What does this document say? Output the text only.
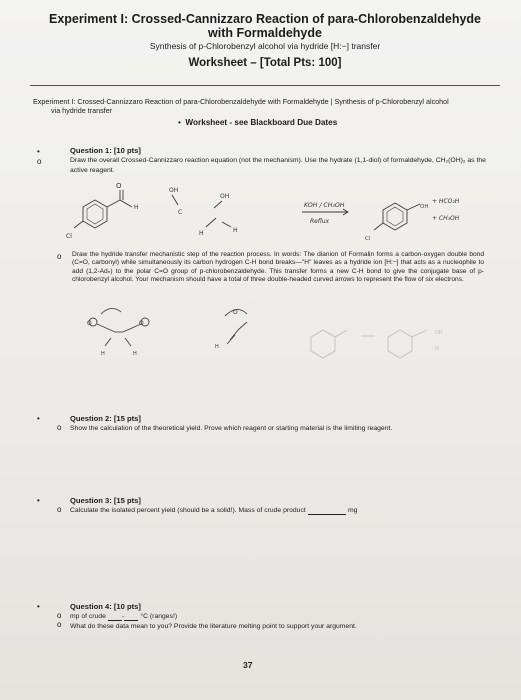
Experiment I: Crossed-Cannizzaro Reaction of para-Chlorobenzaldehyde with Formaldehyde
Synthesis of p-Chlorobenzyl alcohol via hydride [H:−] transfer
Worksheet – [Total Pts: 100]
Experiment I: Crossed-Cannizzaro Reaction of para-Chlorobenzaldehyde with Formaldehyde | Synthesis of p-Chlorobenzyl alcohol
via hydride transfer
•  Worksheet - see Blackboard Due Dates
•
o
Question 1: [10 pts]
Draw the overall Crossed-Cannizzaro reaction equation (not the mechanism). Use the hydrate (1,1-diol) of formaldehyde, CH₂(OH)₂ as the active reagent.
O
H
Cl
OH
C
OH
H	H
KOH / CH₃OH
Reflux
OH
Cl
+ HCO₂H
+ CH₃OH
o Draw the hydride transfer mechanistic step of the reaction process. In words: The dianion of Formalin forms a carbon-oxygen double bond (C=O, carbonyl) while simultaneously its carbon hydrogen C-H bond breaks—"H" leaves as a hydride ion [H:−] that acts as a nucleophile to add (1,2-Adₙ) to the polar C=O group of p-chlorobenzaldehyde. This transfer forms a new C-H bond to give the conjugate base of p-chlorobenzyl alcohol. Your mechanism should have a total of three double-headed curved arrows to represent the flow of six electrons.
O	O
H	H
O
H
OH
H
•
o
Question 2: [15 pts]
Show the calculation of the theoretical yield. Prove which reagent or starting material is the limiting reagent.
•
o
Question 3: [15 pts]
Calculate the isolated percent yield (should be a solid!). Mass of crude product	mg
•
o
o
Question 4: [10 pts]
mp of crude - °C (ranges!)
What do these data mean to you? Provide the literature melting point to support your argument.
37
